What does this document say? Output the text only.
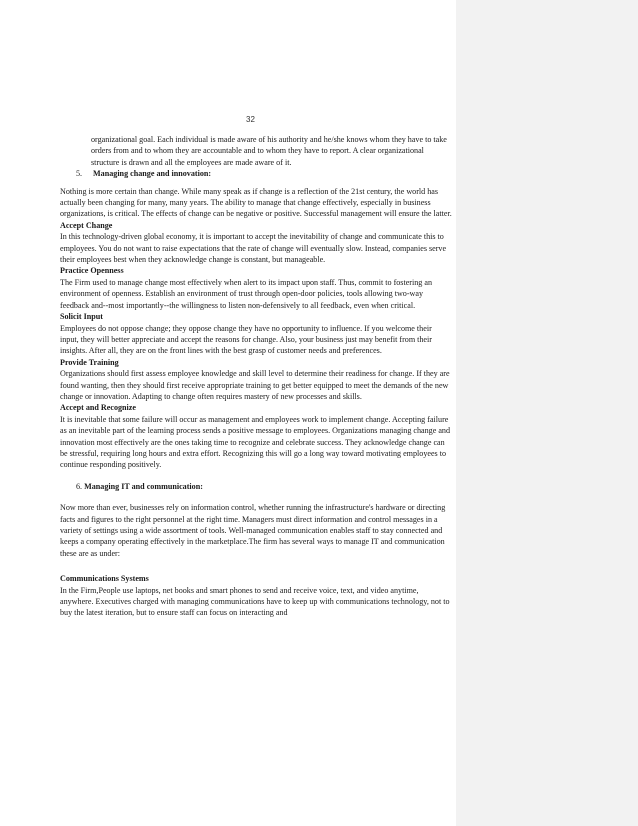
32

organizational goal. Each individual is made aware of his authority and he/she knows whom they have to take orders from and to whom they are accountable and to whom they have to report. A clear organizational structure is drawn and all the employees are made aware of it.

5. Managing change and innovation:

Nothing is more certain than change. While many speak as if change is a reflection of the 21st century, the world has actually been changing for many, many years. The ability to manage that change effectively, especially in business organizations, is critical. The effects of change can be negative or positive. Successful management will ensure the latter.

Accept Change

In this technology-driven global economy, it is important to accept the inevitability of change and communicate this to employees. You do not want to raise expectations that the rate of change will eventually slow. Instead, companies serve their employees best when they acknowledge change is constant, but manageable.

Practice Openness

The Firm used to manage change most effectively when alert to its impact upon staff. Thus, commit to fostering an environment of openness. Establish an environment of trust through open-door policies, tools allowing two-way feedback and--most importantly--the willingness to listen non-defensively to all feedback, even when critical.

Solicit Input

Employees do not oppose change; they oppose change they have no opportunity to influence. If you welcome their input, they will better appreciate and accept the reasons for change. Also, your business just may benefit from their insights. After all, they are on the front lines with the best grasp of customer needs and preferences.

Provide Training

Organizations should first assess employee knowledge and skill level to determine their readiness for change. If they are found wanting, then they should first receive appropriate training to get better equipped to meet the demands of the new change or innovation. Adapting to change often requires mastery of new processes and skills.

Accept and Recognize

It is inevitable that some failure will occur as management and employees work to implement change. Accepting failure as an inevitable part of the learning process sends a positive message to employees. Organizations managing change and innovation most effectively are the ones taking time to recognize and celebrate success. They acknowledge change can be stressful, requiring long hours and extra effort. Recognizing this will go a long way toward motivating employees to continue responding positively.

6. Managing IT and communication:

Now more than ever, businesses rely on information control, whether running the infrastructure's hardware or directing facts and figures to the right personnel at the right time. Managers must direct information and control messages in a variety of settings using a wide assortment of tools. Well-managed communication enables staff to stay connected and keeps a company operating effectively in the marketplace.The firm has several ways to manage IT and communication these are as under:

Communications Systems

In the Firm,People use laptops, net books and smart phones to send and receive voice, text, and video anytime, anywhere. Executives charged with managing communications have to keep up with communications technology, not to buy the latest iteration, but to ensure staff can focus on interacting and
